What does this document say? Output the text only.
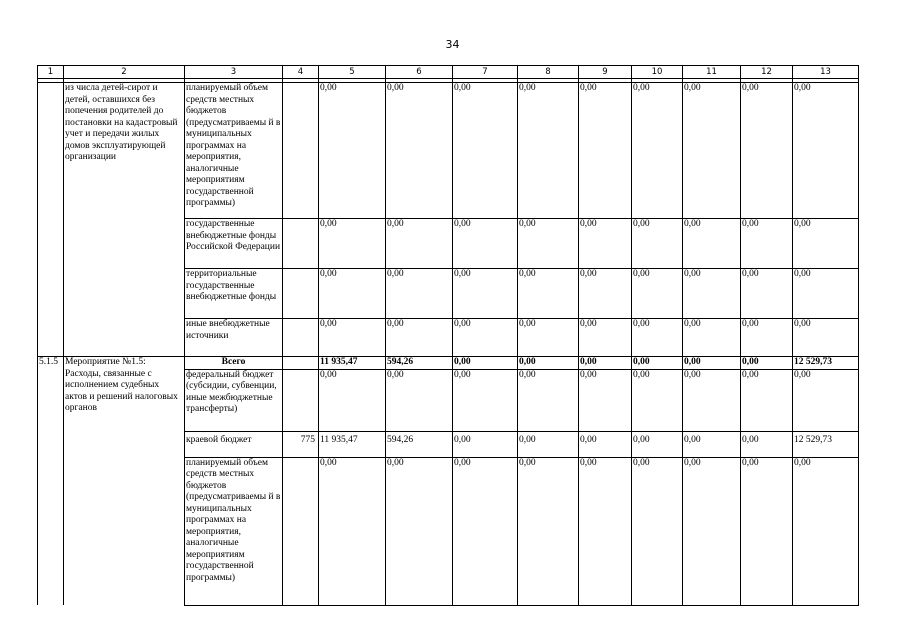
34
1	2	3	4	5	6	7	8	9	10	11	12	13

	из числа детей-сирот и детей, оставшихся без попечения родителей до постановки на кадастровый учет и передачи жилых домов эксплуатирующей организации	планируемый объем средств местных бюджетов (предусматриваемы й в муниципальных программах на мероприятия, аналогичные мероприятиям государственной программы)		0,00	0,00	0,00	0,00	0,00	0,00	0,00	0,00	0,00
		государственные внебюджетные фонды Российской Федерации		0,00	0,00	0,00	0,00	0,00	0,00	0,00	0,00	0,00
		территориальные государственные внебюджетные фонды		0,00	0,00	0,00	0,00	0,00	0,00	0,00	0,00	0,00
		иные внебюджетные источники		0,00	0,00	0,00	0,00	0,00	0,00	0,00	0,00	0,00
5.1.5	Мероприятие №1.5: Расходы, связанные с исполнением судебных актов и решений налоговых органов	Всего		11 935,47	594,26	0,00	0,00	0,00	0,00	0,00	0,00	12 529,73
		федеральный бюджет (субсидии, субвенции, иные межбюджетные трансферты)		0,00	0,00	0,00	0,00	0,00	0,00	0,00	0,00	0,00
		краевой бюджет	775	11 935,47	594,26	0,00	0,00	0,00	0,00	0,00	0,00	12 529,73
		планируемый объем средств местных бюджетов (предусматриваемы й в муниципальных программах на мероприятия, аналогичные мероприятиям государственной программы)		0,00	0,00	0,00	0,00	0,00	0,00	0,00	0,00	0,00
